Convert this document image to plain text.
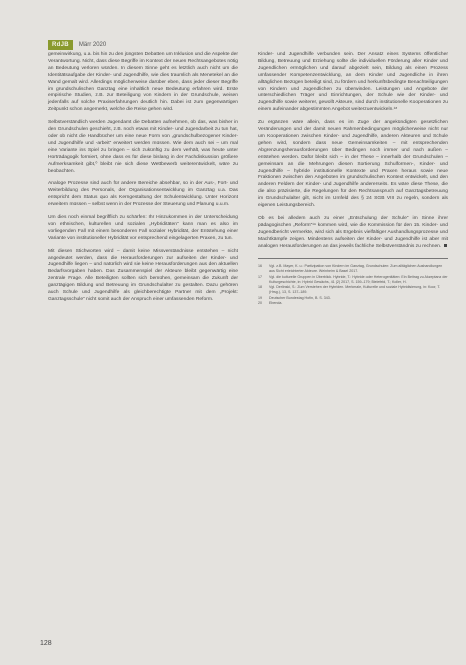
RdJB	Märr 2020

gemeinwirkung, u.a. bis hin zu den jüngsten Debatten um Inklusion und die Aspekte der Verantwortung. Nicht, dass diese Begriffe im Kontext der neuen Rechtsangebotes nötig an Bedeutung verloren würden. In diesem Sinne geht es letztlich auch nicht um die Identitätsaufgabe der Kinder- und Jugendhilfe, wie dies traumlich als Menetekel an die Wand gemalt wird. Allerdings möglicherweise darüber eben, dass jeder dieser Begriffe im grundschulischen Ganztag eine inhaltlich neue Bedeutung erfahren wird. Erste empirische Studien, z.B. zur Beteiligung von Kindern in der Grundschule, weisen jedenfalls auf solche Praxiserfahrungen deutlich hin. Dabei ist zum gegenwärtigen Zeitpunkt schon angemerkt, welche die Reise gehen wird.

Selbstverständlich werden Jugendamt die Debatten aufnehmen, ob das, was bisher in den Grundschulen geschieht, z.B. noch etwas mit Kinder- und Jugendarbeit zu tun hat, oder ob nicht die Handbücher um eine neue Form von „grundschulbezogener Kinder- und Jugendhilfe und -arbeit“ erweitert werden müssen. Wie dem auch sei – um mal eine Variante ins Spiel zu bringen – sich zukünftig zu dem verhält, was heute unter Horträdagogik formiert, ohne dass es für diese bislang in der Fachdiskussion größere Aufmerksamkeit gibt,⁰ bleibt nie sich diese Wettbewerb weiterentwickelt, wäre zu beobachten.

Analoge Prozesse sind auch für andere Bereiche absehbar, so in der Aus-, Fort- und Weiterbildung des Personals, der Organisationsentwicklung im Ganztag u.a. Das entspricht dem Status quo als Kerngestaltung der Schulentwicklung. Unter Horizont erweitern müssen – selbst wenn in der Prozesse der Steuerung und Planung u.u.m.

Um dies noch einmal begrifflich zu schärfen: Ihr Hinzukommen in der Unterscheidung von ethnischen, kulturellen und sozialen „Hybriditäten“ kann man es also im vorliegenden Fall mit einem besonderen Fall sozialer Hybridität, der Entstehung einer Variante von institutioneller Hybridität vor entsprechend eingelagerten Praxen, zu tun.

Mit diesen Stichworten wird – damit keine Missverständnisse entstehen – nicht angedeutet werden, dass die Herausforderungen zur aufseiten der Kinder- und Jugendhilfe liegen – und natürlich wird sie keine Herausforderungen aus den aktuellen Bedarfsvorgaben haben. Das Zusammenspiel der Akteure bleibt gegenwärtig eine zentrale Frage. Alle Beteiligten sollten sich bemühen, gemeinsam die Zukunft der ganztägigen Bildung und Betreuung im Grundschulalter zu gestalten. Dazu gehören auch Schule und Jugendhilfe als gleichberechtigte Partner mit dem „Projekt: Ganztagsschule“ nicht somit auch der Anspruch einer umfassenden Reform.

Kinder- und Jugendhilfe verbunden sein. Der Ansatz eines Systems öffentlicher Bildung, Betreuung und Erziehung sollte die individuellen Förderung aller Kinder und Jugendlichen ermöglichen und darauf abgezielt sein, Bildung als einen Prozess umfassender Kompetenzentwicklung, an dem Kinder und Jugendliche in ihren alltäglichen Bezügen beteiligt sind, zu fördern und herkunftsbedingte Benachteiligungen von Kindern und Jugendlichen zu überwinden. Leistungen und Angebote der unterschiedlichen Träger und Einrichtungen, der Schule wie der Kinder- und Jugendhilfe sowie weiterer, gewollt Akteure, sind durch institutionelle Kooperationen zu einem aufeinander abgestimmten Angebot weiterzuentwickeln.¹⁸

Zu ergänzen wäre allein, dass es im Zuge der angekündigten gesetzlichen Veränderungen und der damit neuen Rahmenbedingungen möglicherweise nicht nur um Kooperationen zwischen Kinder- und Jugendhilfe, anderen Akteuren und Schule gehen wird, sondern dass neue Gemeinsamkeiten – mit entsprechenden Abgrenzungsherausforderungen über Bedingen noch immer und nach außen – entstehen werden. Dafür bleibt sich – in der These – innerhalb der Grundschulen – gemeinsam an die Mehrungen diesen Sortierung Schulformen-, Kinder- und Jugendhilfe – hybride institutionelle Kontexte und Praxen heraus sowie neue Fraktionen zwischen den Angeboten im grundschulischen Kontext entwickelt, und den anderen Feldern der Kinder- und Jugendhilfe andererseits. Es wäre diese These, die die also präzisierte, die Regelungen für den Rechtsanspruch auf Ganztagsbetreuung im Grundschulalter gilt, nicht im Umfeld des § 24 SGB VIII zu regeln, sondern als eigenen Leistungsbereich.

Ob es bei alledem auch zu einer „Entschulung der Schule“ im Sinne ihrer pädagogischen „Reform“¹⁹ kommen wird, wie die Kommission für den 15. Kinder- und Jugendbericht vermerkte, wird sich als Ergebnis vielfältiger Aushandlungsprozesse und Machtkämpfe zeigen. Mindestens aufseiten der Kinder- und Jugendhilfe ist aber mit analogen Herausforderungen an das jeweils fachliche Selbstverständnis zu rechnen.

16	Vgl. z.B. Mayer, K. u.: Partizipation von Kindern im Ganztag, Grundschulen: Zum alltäglichen Aushandlungen aus Sicht erleichterter Akteure. Weinheim & Basel 2017.
17	Vgl. die kulturelle Gruppen in Überblick. Hybride, T.: Hybride oder Heterogenitäten: Ein Beitrag zu Akzeptanz der Kulturgeschichte, in: Hybrid Gewächs, 41 (2) 2017, S. 159–179; Bielefeld, T.; Koller, H.
18	Vgl. Derlinski, S.: Zum Verstehen der Hybriden. Merkmale, Kulturelle und soziale Hybridisierung, in: Koor, T. (Hrsg.), 13, S. 137–189.
19	Deutscher Bundestag Hofin, B. S. 343.
20	Ebenda.
128
